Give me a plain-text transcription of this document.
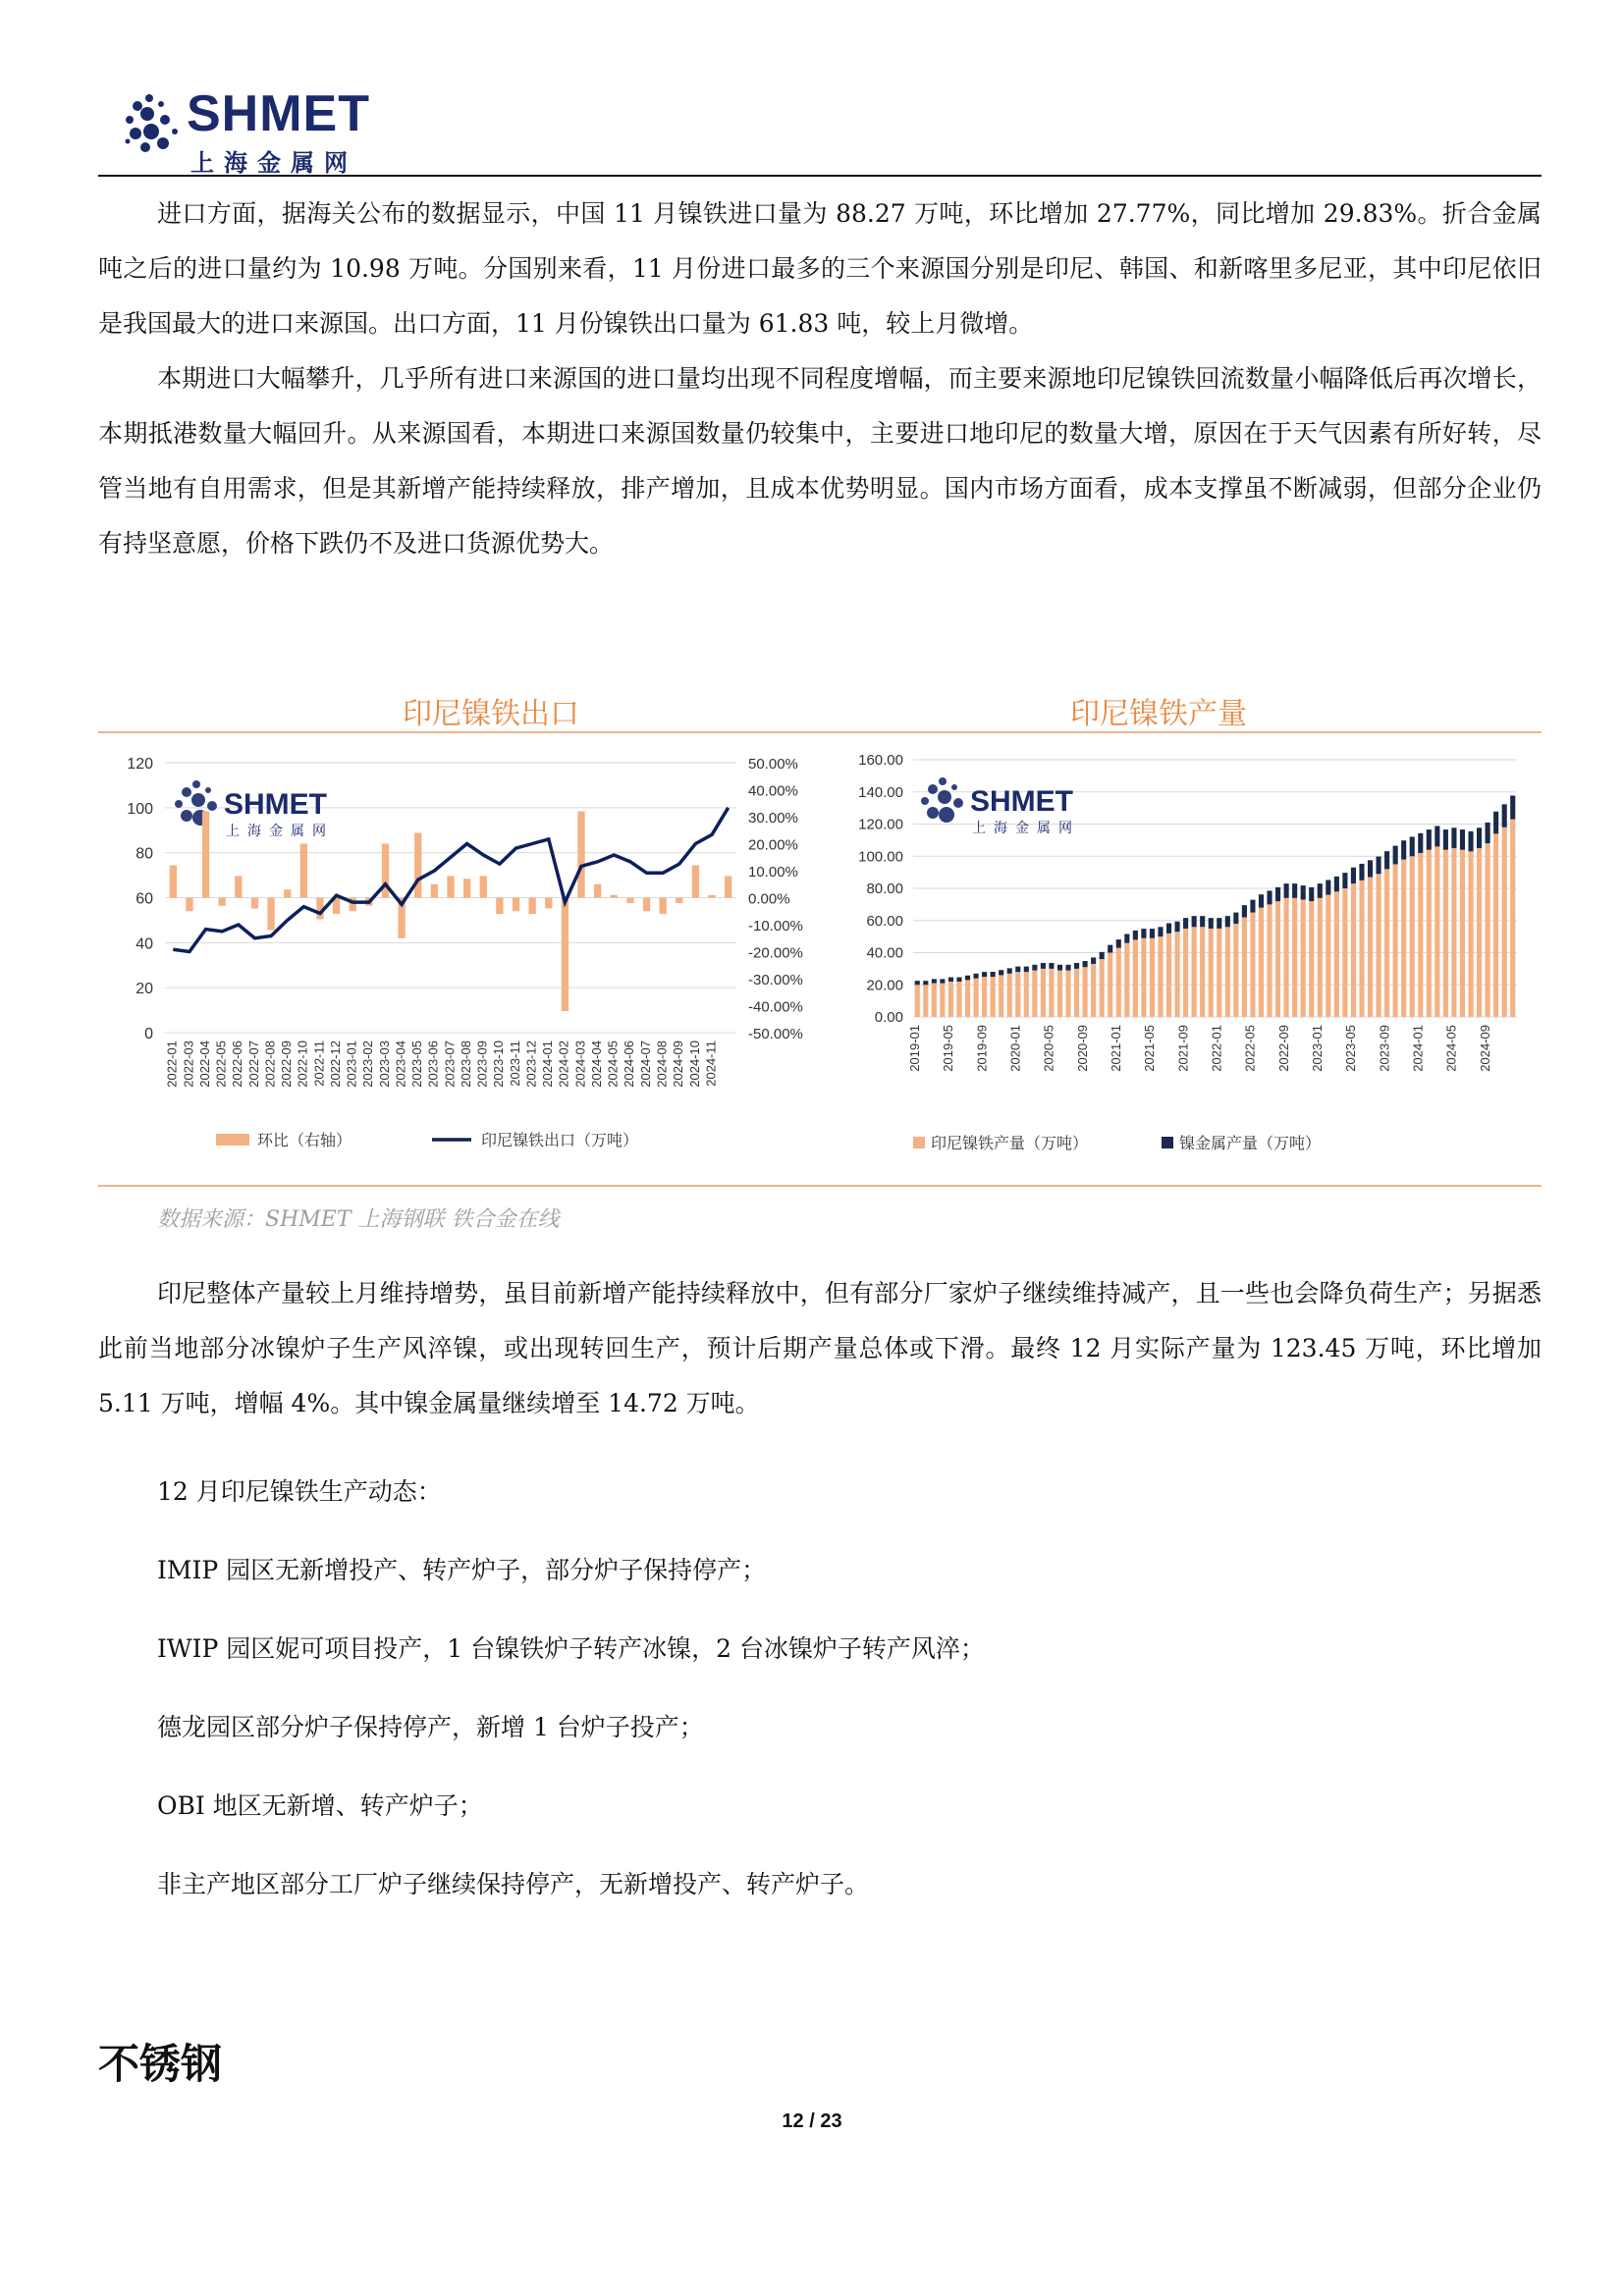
SHMET
上海金属网

进口方面，据海关公布的数据显示，中国 11 月镍铁进口量为 88.27 万吨，环比增加 27.77%，同比增加 29.83%。折合金属吨之后的进口量约为 10.98 万吨。分国别来看，11 月份进口最多的三个来源国分别是印尼、韩国、和新喀里多尼亚，其中印尼依旧是我国最大的进口来源国。出口方面，11 月份镍铁出口量为 61.83 吨，较上月微增。

本期进口大幅攀升，几乎所有进口来源国的进口量均出现不同程度增幅，而主要来源地印尼镍铁回流数量小幅降低后再次增长，本期抵港数量大幅回升。从来源国看，本期进口来源国数量仍较集中，主要进口地印尼的数量大增，原因在于天气因素有所好转，尽管当地有自用需求，但是其新增产能持续释放，排产增加，且成本优势明显。国内市场方面看，成本支撑虽不断减弱，但部分企业仍有持坚意愿，价格下跌仍不及进口货源优势大。

印尼镍铁出口	印尼镍铁产量
120
100
80
60
40
20
0
50.00%
40.00%
30.00%
20.00%
10.00%
0.00%
-10.00%
-20.00%
-30.00%
-40.00%
-50.00%
SHMET
上海金属网
2022-01 2022-03 2022-04 2022-05 2022-06 2022-07 2022-08 2022-09 2022-10 2022-11 2022-12 2023-01 2023-02 2023-03 2023-04 2023-05 2023-06 2023-07 2023-08 2023-09 2023-10 2023-11 2023-12 2024-01 2024-02 2024-03 2024-04 2024-05 2024-06 2024-07 2024-08 2024-09 2024-10 2024-11
环比（右轴）	印尼镍铁出口（万吨）
160.00
140.00
120.00
100.00
80.00
60.00
40.00
20.00
0.00
SHMET
上海金属网
2019-01 2019-05 2019-09 2020-01 2020-05 2020-09 2021-01 2021-05 2021-09 2022-01 2022-05 2022-09 2023-01 2023-05 2023-09 2024-01 2024-05 2024-09
印尼镍铁产量（万吨）	镍金属产量（万吨）
数据来源：SHMET 上海钢联 铁合金在线

印尼整体产量较上月维持增势，虽目前新增产能持续释放中，但有部分厂家炉子继续维持减产，且一些也会降负荷生产；另据悉此前当地部分冰镍炉子生产风淬镍，或出现转回生产，预计后期产量总体或下滑。最终 12 月实际产量为 123.45 万吨，环比增加 5.11 万吨，增幅 4%。其中镍金属量继续增至 14.72 万吨。

12 月印尼镍铁生产动态：
IMIP 园区无新增投产、转产炉子，部分炉子保持停产；
IWIP 园区妮可项目投产，1 台镍铁炉子转产冰镍，2 台冰镍炉子转产风淬；
德龙园区部分炉子保持停产，新增 1 台炉子投产；
OBI 地区无新增、转产炉子；
非主产地区部分工厂炉子继续保持停产，无新增投产、转产炉子。
不锈钢
12 / 23
